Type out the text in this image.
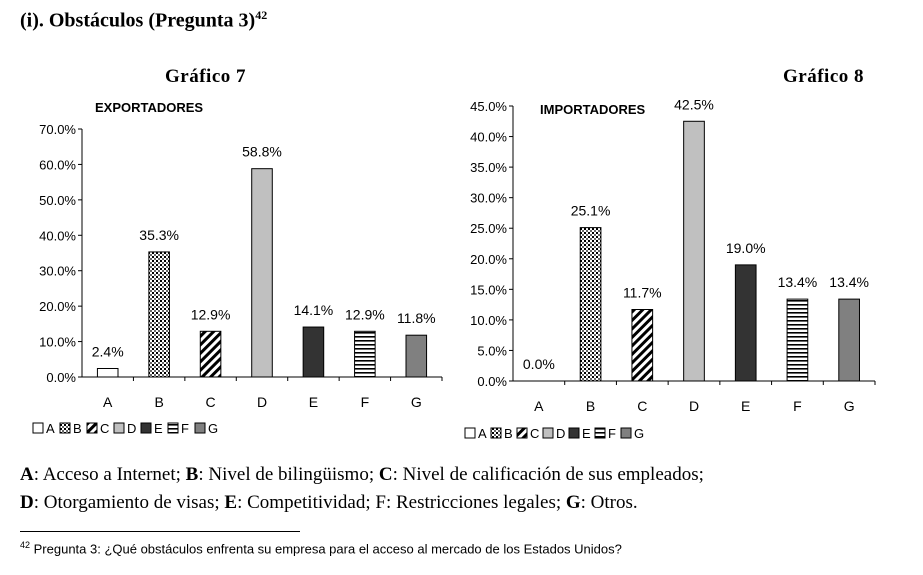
(i). Obstáculos (Pregunta 3)$^{42}$
Gráfico 7	Gráfico 8
EXPORTADORES
0.0%
10.0%
20.0%
30.0%
40.0%
50.0%
60.0%
70.0%
2.4%
A
35.3%
B
12.9%
C
58.8%
D
14.1%
E
12.9%
F
11.8%
G
A B C D E F G
IMPORTADORES
0.0%
5.0%
10.0%
15.0%
20.0%
25.0%
30.0%
35.0%
40.0%
45.0%
0.0%
A
25.1%
B
11.7%
C
42.5%
D
19.0%
E
13.4%
F
13.4%
G
A B C D E F G
A: Acceso a Internet; B: Nivel de bilingüismo; C: Nivel de calificación de sus empleados;
D: Otorgamiento de visas; E: Competitividad; F: Restricciones legales; G: Otros.
$^{42}$ Pregunta 3: ¿Qué obstáculos enfrenta su empresa para el acceso al mercado de los Estados Unidos?
